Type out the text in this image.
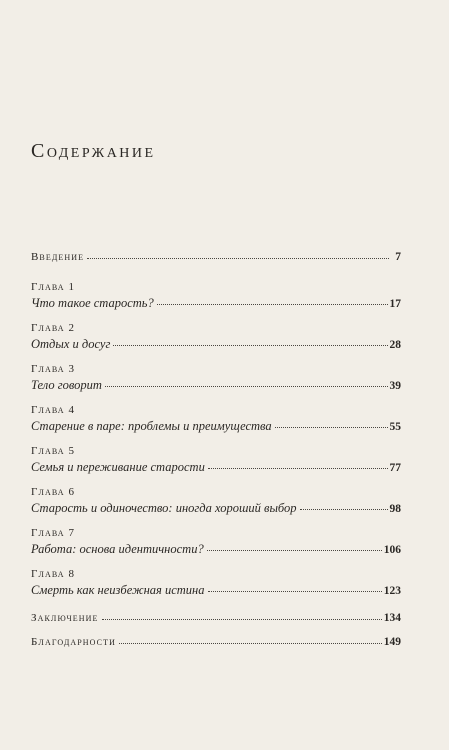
Содержание
Введение	7
Глава 1
Что такое старость?	17
Глава 2
Отдых и досуг	28
Глава 3
Тело говорит	39
Глава 4
Старение в паре: проблемы и преимущества	55
Глава 5
Семья и переживание старости	77
Глава 6
Старость и одиночество: иногда хороший выбор	98
Глава 7
Работа: основа идентичности?	106
Глава 8
Смерть как неизбежная истина	123
Заключение	134
Благодарности	149
